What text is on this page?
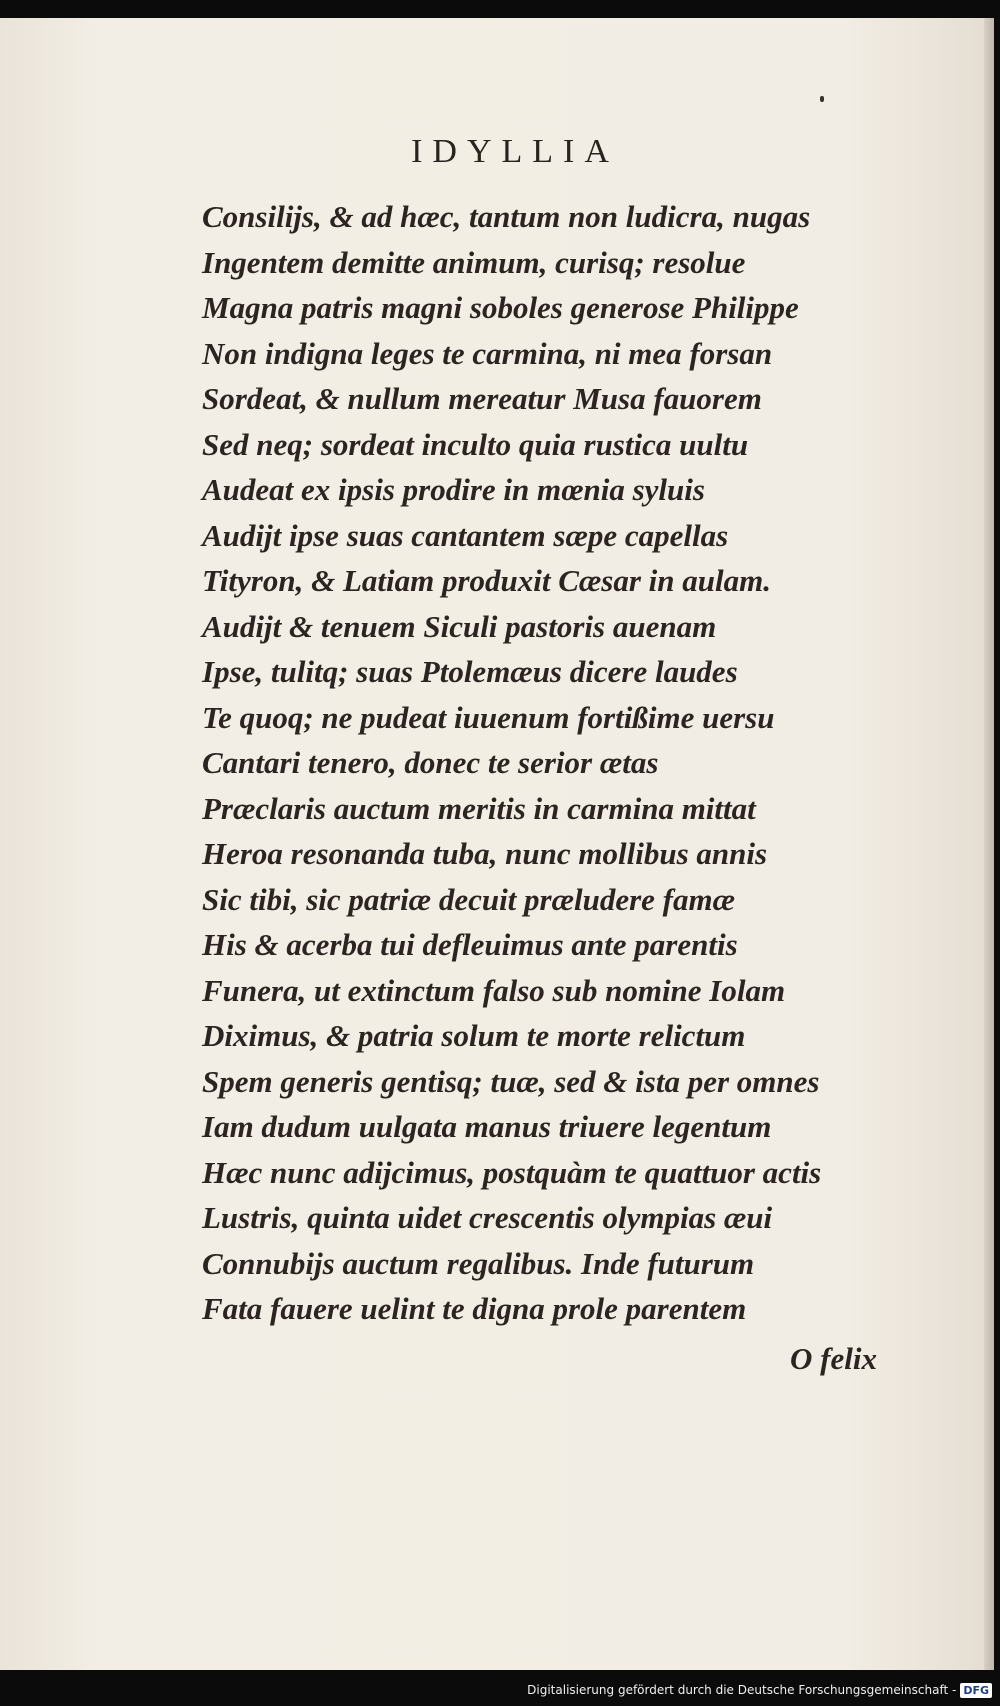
IDYLLIA
Consilijs, & ad hæc, tantum non ludicra, nugas
Ingentem demitte animum, curisq; resolue
Magna patris magni soboles generose Philippe
Non indigna leges te carmina, ni mea forsan
Sordeat, & nullum mereatur Musa fauorem
Sed neq; sordeat inculto quia rustica uultu
Audeat ex ipsis prodire in mœnia syluis
Audijt ipse suas cantantem sæpe capellas
Tityron, & Latiam produxit Cæsar in aulam.
Audijt & tenuem Siculi pastoris auenam
Ipse, tulitq; suas Ptolemæus dicere laudes
Te quoq; ne pudeat iuuenum fortißime uersu
Cantari tenero, donec te serior ætas
Præclaris auctum meritis in carmina mittat
Heroa resonanda tuba, nunc mollibus annis
Sic tibi, sic patriæ decuit præludere famæ
His & acerba tui defleuimus ante parentis
Funera, ut extinctum falso sub nomine Iolam
Diximus, & patria solum te morte relictum
Spem generis gentisq; tuæ, sed & ista per omnes
Iam dudum uulgata manus triuere legentum
Hæc nunc adijcimus, postquàm te quattuor actis
Lustris, quinta uidet crescentis olympias æui
Connubijs auctum regalibus. Inde futurum
Fata fauere uelint te digna prole parentem
O felix
Digitalisierung gefördert durch die Deutsche Forschungsgemeinschaft - DFG
